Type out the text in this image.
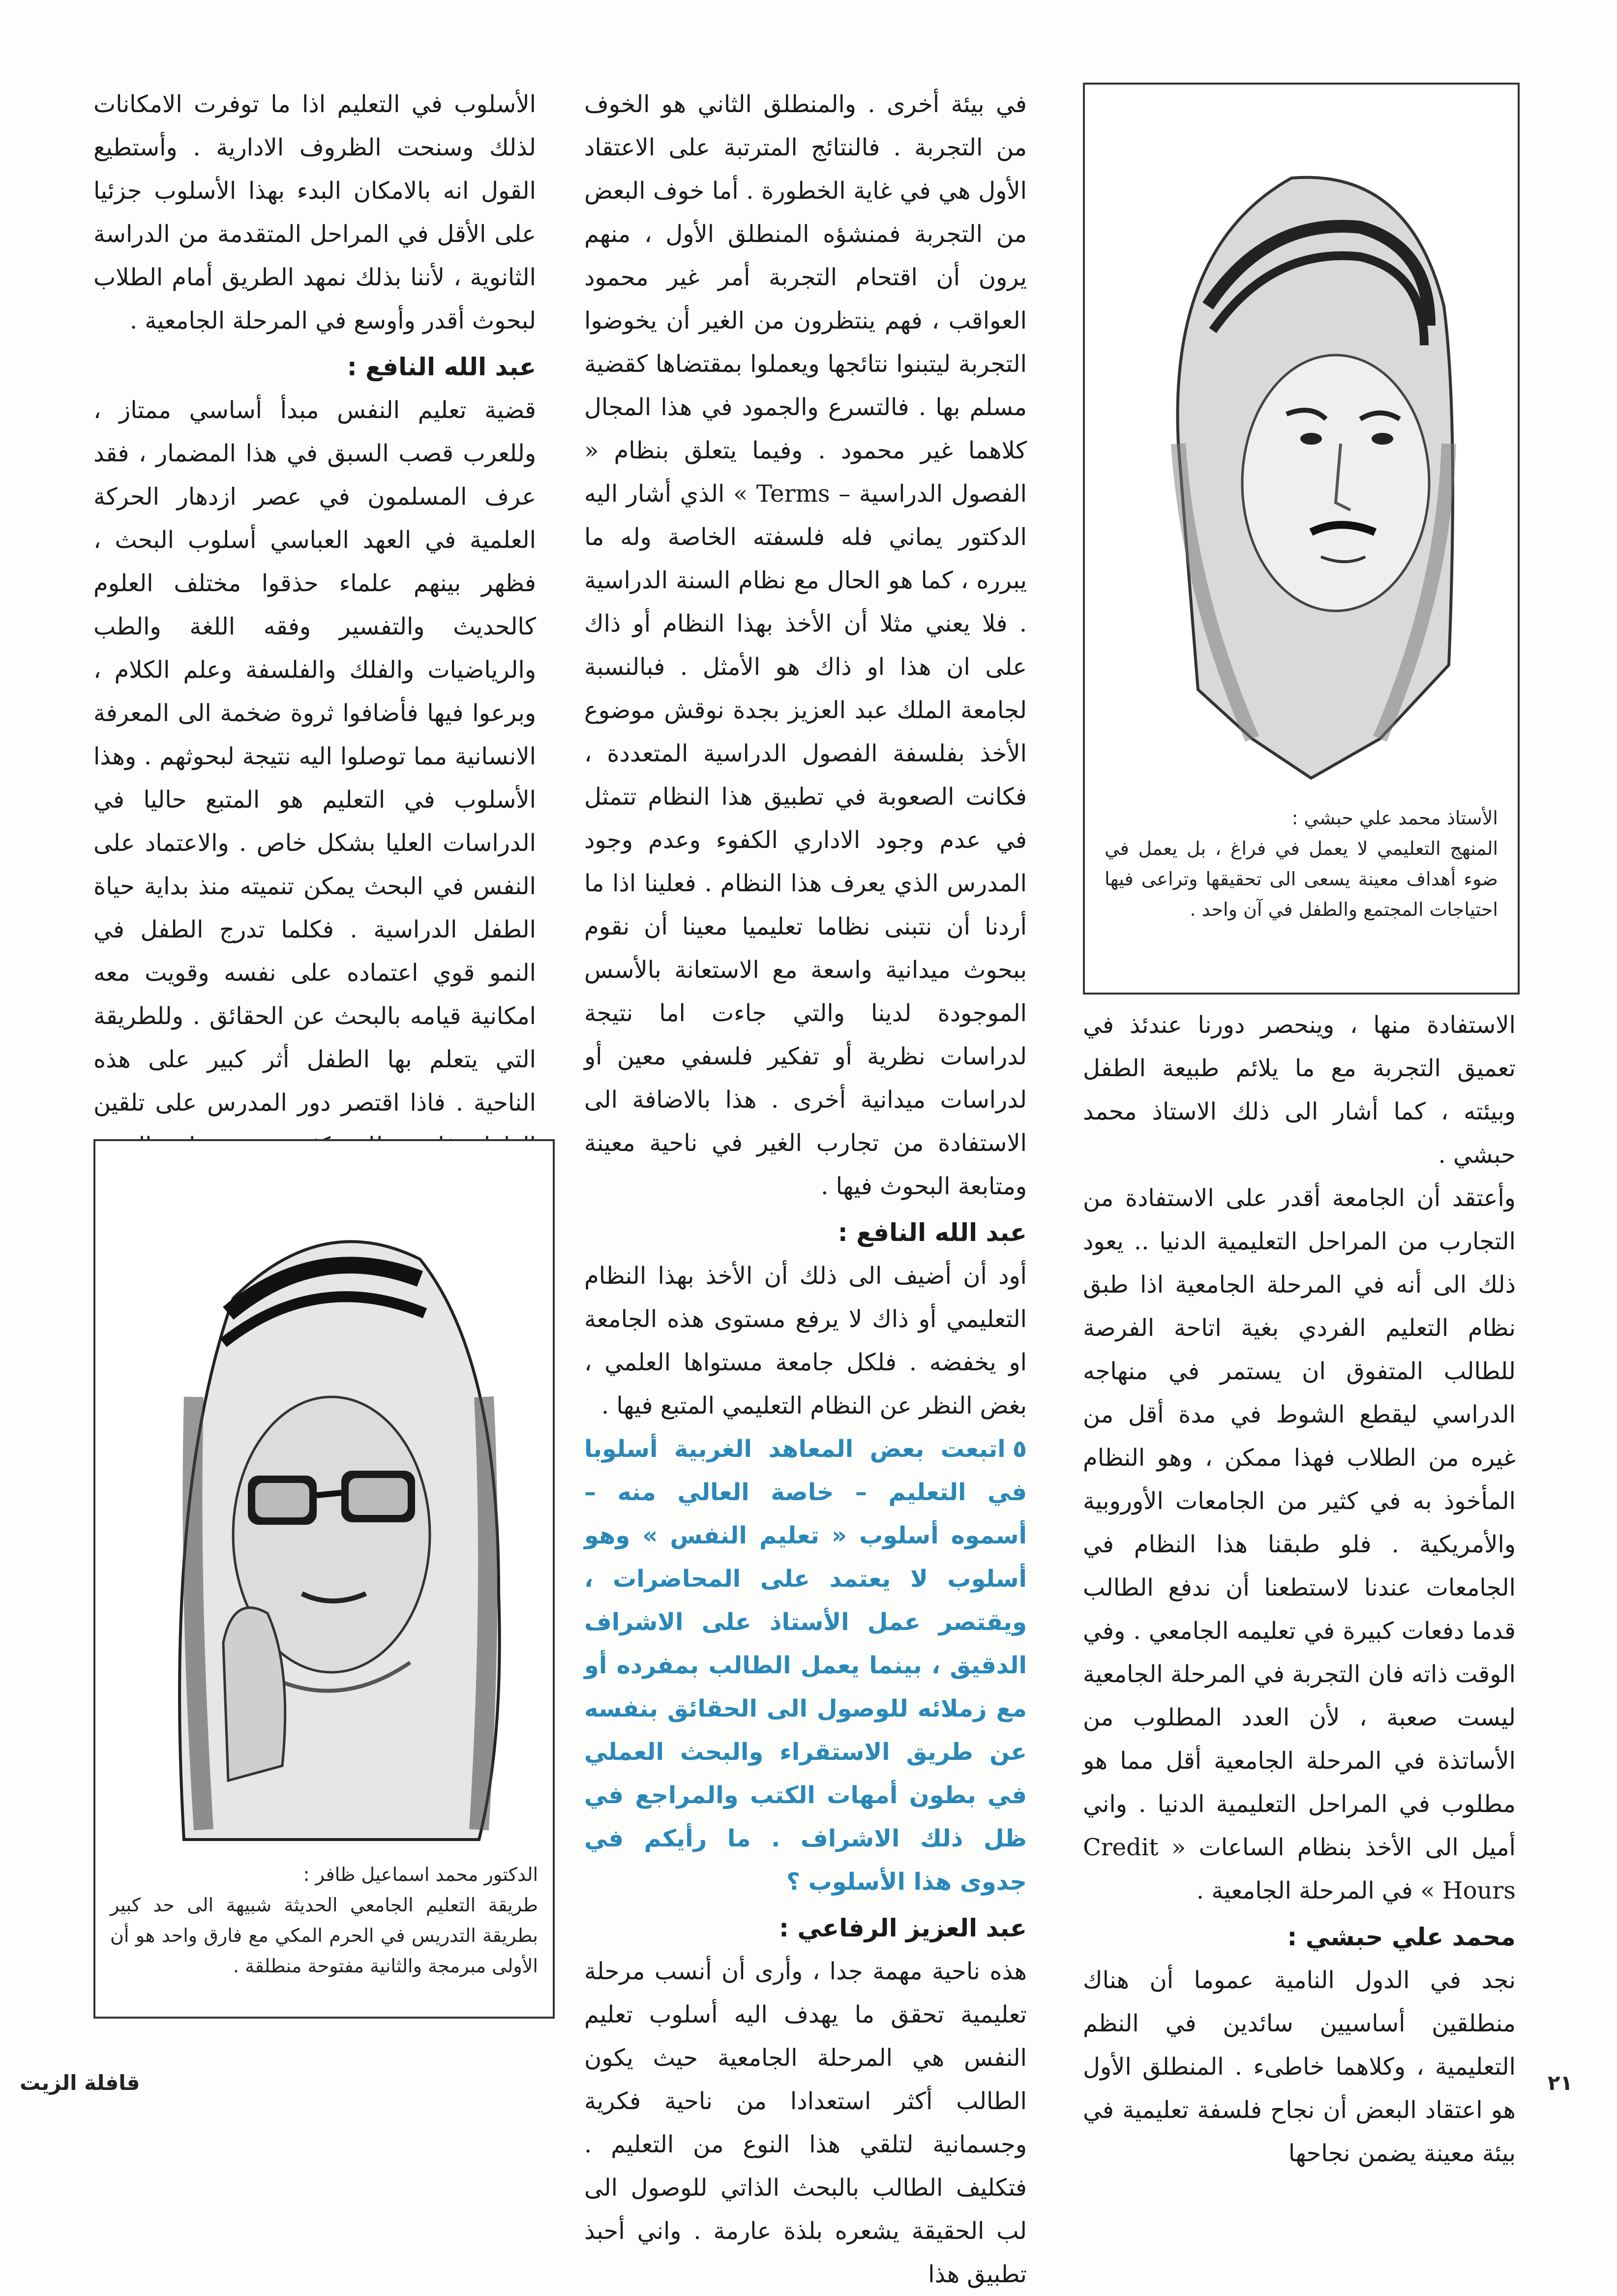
الأستاذ محمد علي حبشي :

المنهج التعليمي لا يعمل في فراغ ، بل يعمل في ضوء أهداف معينة يسعى الى تحقيقها وتراعى فيها احتياجات المجتمع والطفل في آن واحد .

الاستفادة منها ، وينحصر دورنا عندئذ في تعميق التجربة مع ما يلائم طبيعة الطفل وبيئته ، كما أشار الى ذلك الاستاذ محمد حبشي .

وأعتقد أن الجامعة أقدر على الاستفادة من التجارب من المراحل التعليمية الدنيا .. يعود ذلك الى أنه في المرحلة الجامعية اذا طبق نظام التعليم الفردي بغية اتاحة الفرصة للطالب المتفوق ان يستمر في منهاجه الدراسي ليقطع الشوط في مدة أقل من غيره من الطلاب فهذا ممكن ، وهو النظام المأخوذ به في كثير من الجامعات الأوروبية والأمريكية . فلو طبقنا هذا النظام في الجامعات عندنا لاستطعنا أن ندفع الطالب قدما دفعات كبيرة في تعليمه الجامعي . وفي الوقت ذاته فان التجربة في المرحلة الجامعية ليست صعبة ، لأن العدد المطلوب من الأساتذة في المرحلة الجامعية أقل مما هو مطلوب في المراحل التعليمية الدنيا . واني أميل الى الأخذ بنظام الساعات « Credit Hours » في المرحلة الجامعية .

محمد علي حبشي :

نجد في الدول النامية عموما أن هناك منطلقين أساسيين سائدين في النظم التعليمية ، وكلاهما خاطىء . المنطلق الأول هو اعتقاد البعض أن نجاح فلسفة تعليمية في بيئة معينة يضمن نجاحها

في بيئة أخرى . والمنطلق الثاني هو الخوف من التجربة . فالنتائج المترتبة على الاعتقاد الأول هي في غاية الخطورة . أما خوف البعض من التجربة فمنشؤه المنطلق الأول ، منهم يرون أن اقتحام التجربة أمر غير محمود العواقب ، فهم ينتظرون من الغير أن يخوضوا التجربة ليتبنوا نتائجها ويعملوا بمقتضاها كقضية مسلم بها . فالتسرع والجمود في هذا المجال كلاهما غير محمود . وفيما يتعلق بنظام « الفصول الدراسية – Terms » الذي أشار اليه الدكتور يماني فله فلسفته الخاصة وله ما يبرره ، كما هو الحال مع نظام السنة الدراسية . فلا يعني مثلا أن الأخذ بهذا النظام أو ذاك على ان هذا او ذاك هو الأمثل . فبالنسبة لجامعة الملك عبد العزيز بجدة نوقش موضوع الأخذ بفلسفة الفصول الدراسية المتعددة ، فكانت الصعوبة في تطبيق هذا النظام تتمثل في عدم وجود الاداري الكفوء وعدم وجود المدرس الذي يعرف هذا النظام . فعلينا اذا ما أردنا أن نتبنى نظاما تعليميا معينا أن نقوم ببحوث ميدانية واسعة مع الاستعانة بالأسس الموجودة لدينا والتي جاءت اما نتيجة لدراسات نظرية أو تفكير فلسفي معين أو لدراسات ميدانية أخرى . هذا بالاضافة الى الاستفادة من تجارب الغير في ناحية معينة ومتابعة البحوث فيها .

عبد الله النافع :

أود أن أضيف الى ذلك أن الأخذ بهذا النظام التعليمي أو ذاك لا يرفع مستوى هذه الجامعة او يخفضه . فلكل جامعة مستواها العلمي ، بغض النظر عن النظام التعليمي المتبع فيها .

٥اتبعت بعض المعاهد الغربية أسلوبا في التعليم – خاصة العالي منه – أسموه أسلوب « تعليم النفس » وهو أسلوب لا يعتمد على المحاضرات ، ويقتصر عمل الأستاذ على الاشراف الدقيق ، بينما يعمل الطالب بمفرده أو مع زملائه للوصول الى الحقائق بنفسه عن طريق الاستقراء والبحث العملي في بطون أمهات الكتب والمراجع في ظل ذلك الاشراف . ما رأيكم في جدوى هذا الأسلوب ؟

عبد العزيز الرفاعي :

هذه ناحية مهمة جدا ، وأرى أن أنسب مرحلة تعليمية تحقق ما يهدف اليه أسلوب تعليم النفس هي المرحلة الجامعية حيث يكون الطالب أكثر استعدادا من ناحية فكرية وجسمانية لتلقي هذا النوع من التعليم . فتكليف الطالب بالبحث الذاتي للوصول الى لب الحقيقة يشعره بلذة عارمة . واني أحبذ تطبيق هذا

الأسلوب في التعليم اذا ما توفرت الامكانات لذلك وسنحت الظروف الادارية . وأستطيع القول انه بالامكان البدء بهذا الأسلوب جزئيا على الأقل في المراحل المتقدمة من الدراسة الثانوية ، لأننا بذلك نمهد الطريق أمام الطلاب لبحوث أقدر وأوسع في المرحلة الجامعية .

عبد الله النافع :

قضية تعليم النفس مبدأ أساسي ممتاز ، وللعرب قصب السبق في هذا المضمار ، فقد عرف المسلمون في عصر ازدهار الحركة العلمية في العهد العباسي أسلوب البحث ، فظهر بينهم علماء حذقوا مختلف العلوم كالحديث والتفسير وفقه اللغة والطب والرياضيات والفلك والفلسفة وعلم الكلام ، وبرعوا فيها فأضافوا ثروة ضخمة الى المعرفة الانسانية مما توصلوا اليه نتيجة لبحوثهم . وهذا الأسلوب في التعليم هو المتبع حاليا في الدراسات العليا بشكل خاص . والاعتماد على النفس في البحث يمكن تنميته منذ بداية حياة الطفل الدراسية . فكلما تدرج الطفل في النمو قوي اعتماده على نفسه وقويت معه امكانية قيامه بالبحث عن الحقائق . وللطريقة التي يتعلم بها الطفل أثر كبير على هذه الناحية . فاذا اقتصر دور المدرس على تلقين

الدكتور محمد اسماعيل ظافر :

طريقة التعليم الجامعي الحديثة شبيهة الى حد كبير بطريقة التدريس في الحرم المكي مع فارق واحد هو أن الأولى مبرمجة والثانية مفتوحة منطلقة .

٢١
قافلة الزيت
